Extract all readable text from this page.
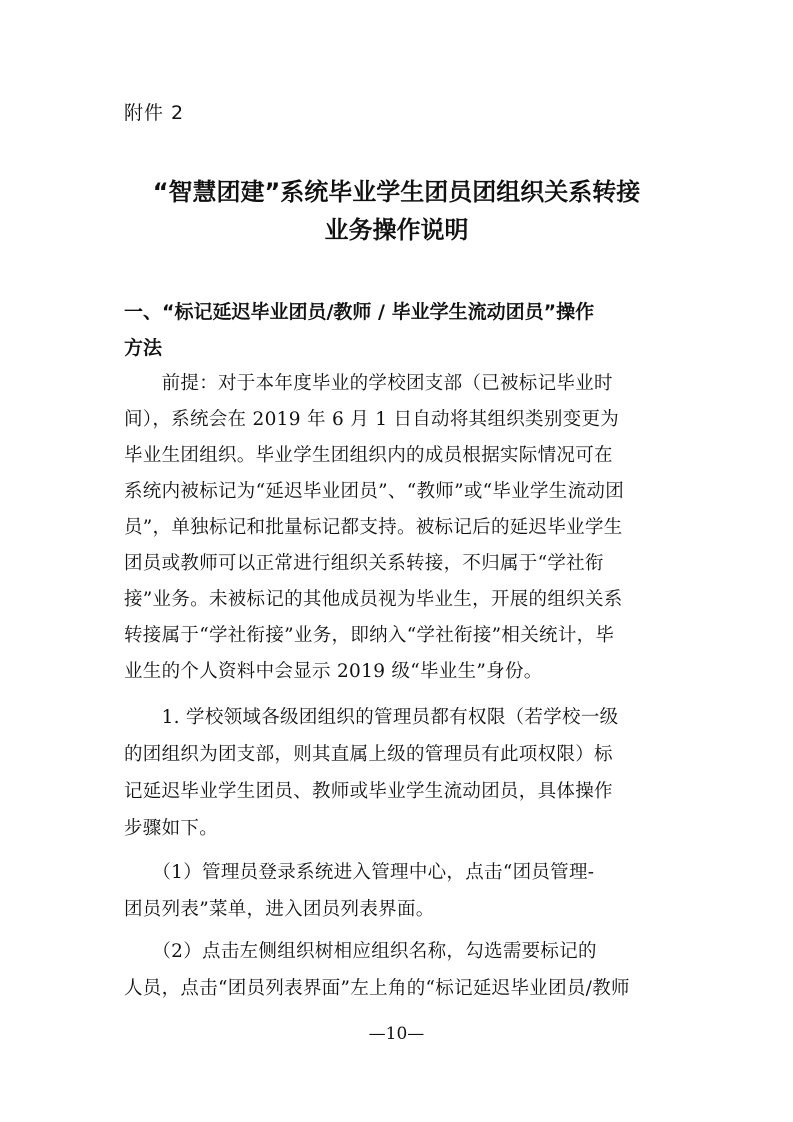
附件 2
“智慧团建”系统毕业学生团员团组织关系转接
业务操作说明
一、“标记延迟毕业团员/教师 / 毕业学生流动团员”操作
方法
　　前提：对于本年度毕业的学校团支部（已被标记毕业时
间），系统会在 2019 年 6 月 1 日自动将其组织类别变更为
毕业生团组织。毕业学生团组织内的成员根据实际情况可在
系统内被标记为“延迟毕业团员”、“教师”或“毕业学生流动团
员”，单独标记和批量标记都支持。被标记后的延迟毕业学生
团员或教师可以正常进行组织关系转接，不归属于“学社衔
接”业务。未被标记的其他成员视为毕业生，开展的组织关系
转接属于“学社衔接”业务，即纳入“学社衔接”相关统计，毕
业生的个人资料中会显示 2019 级“毕业生”身份。
　　1. 学校领域各级团组织的管理员都有权限（若学校一级
的团组织为团支部，则其直属上级的管理员有此项权限）标
记延迟毕业学生团员、教师或毕业学生流动团员，具体操作
步骤如下。
　　（1）管理员登录系统进入管理中心，点击“团员管理-
团员列表”菜单，进入团员列表界面。
　　（2）点击左侧组织树相应组织名称，勾选需要标记的
人员，点击“团员列表界面”左上角的“标记延迟毕业团员/教师
—10—
